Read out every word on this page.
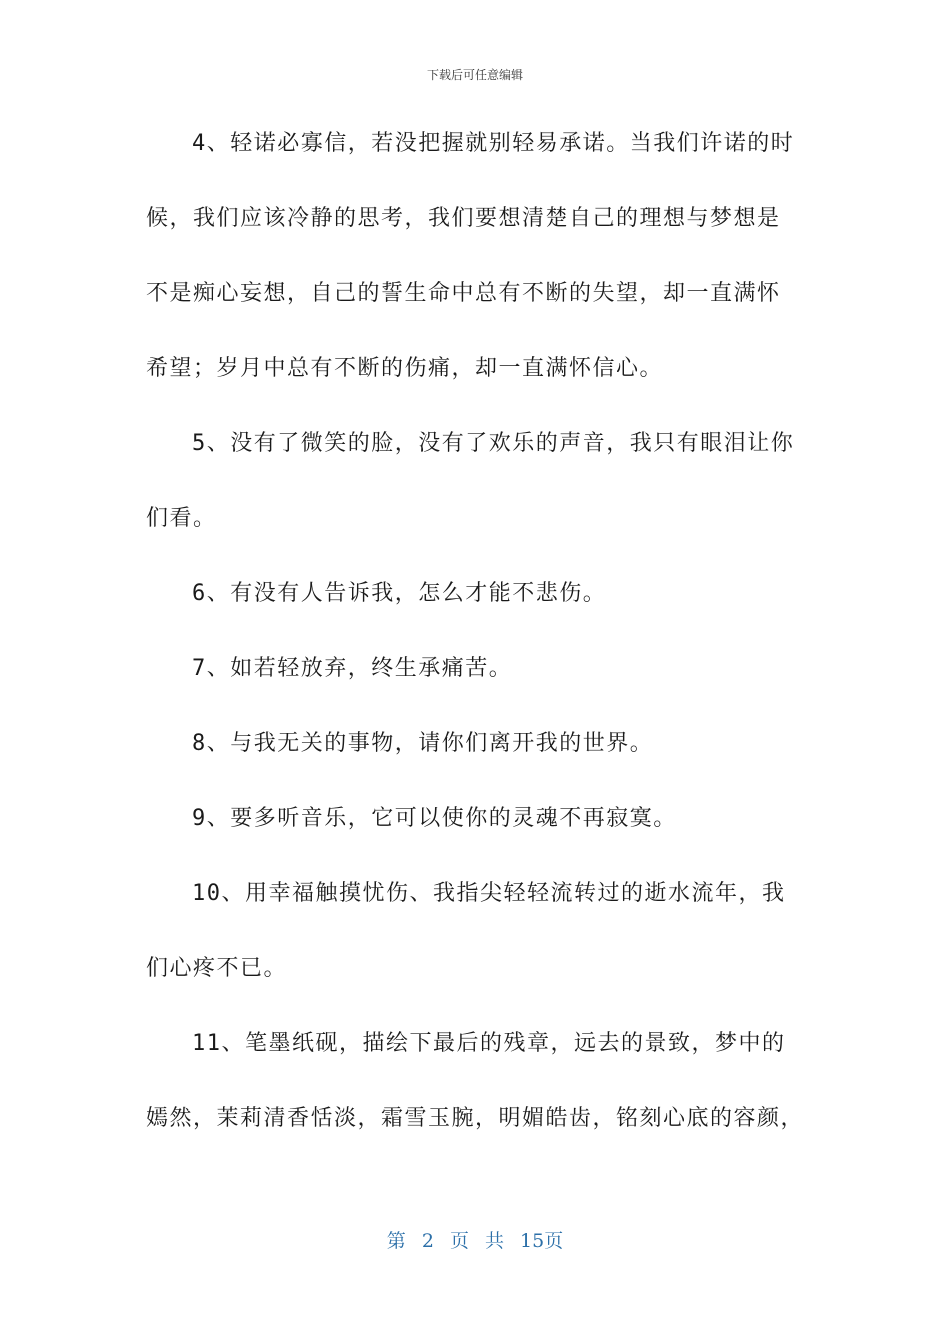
下载后可任意编辑
4、轻诺必寡信，若没把握就别轻易承诺。当我们许诺的时
候，我们应该冷静的思考，我们要想清楚自己的理想与梦想是
不是痴心妄想，自己的誓生命中总有不断的失望，却一直满怀
希望；岁月中总有不断的伤痛，却一直满怀信心。
5、没有了微笑的脸，没有了欢乐的声音，我只有眼泪让你
们看。
6、有没有人告诉我，怎么才能不悲伤。
7、如若轻放弃，终生承痛苦。
8、与我无关的事物，请你们离开我的世界。
9、要多听音乐，它可以使你的灵魂不再寂寞。
10、用幸福触摸忧伤、我指尖轻轻流转过的逝水流年，我
们心疼不已。
11、笔墨纸砚，描绘下最后的残章，远去的景致，梦中的
嫣然，茉莉清香恬淡，霜雪玉腕，明媚皓齿，铭刻心底的容颜，
第 2 页 共 15页
